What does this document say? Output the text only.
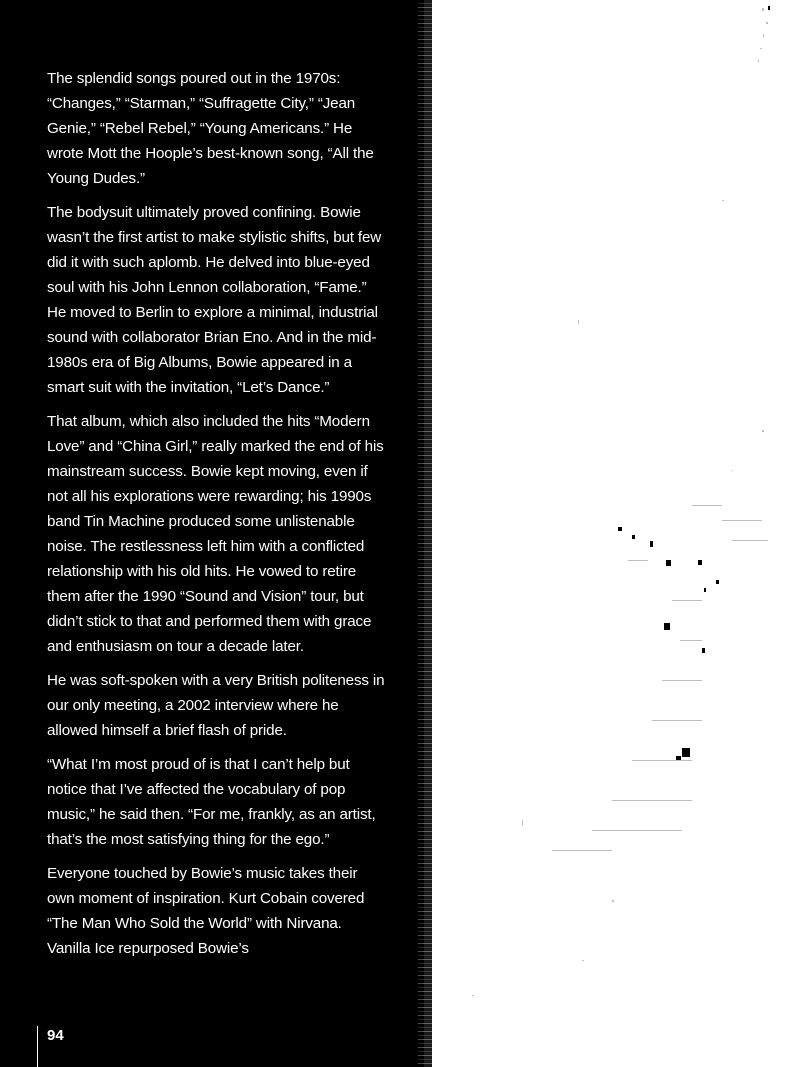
The splendid songs poured out in the 1970s: “Changes,” “Starman,” “Suffragette City,” “Jean Genie,” “Rebel Rebel,” “Young Americans.” He wrote Mott the Hoople’s best-known song, “All the Young Dudes.”

The bodysuit ultimately proved confining. Bowie wasn’t the first artist to make stylistic shifts, but few did it with such aplomb. He delved into blue-eyed soul with his John Lennon collaboration, “Fame.” He moved to Berlin to explore a minimal, industrial sound with collaborator Brian Eno. And in the mid-1980s era of Big Albums, Bowie appeared in a smart suit with the invitation, “Let’s Dance.”

That album, which also included the hits “Modern Love” and “China Girl,” really marked the end of his mainstream success. Bowie kept moving, even if not all his explorations were rewarding; his 1990s band Tin Machine produced some unlistenable noise. The restlessness left him with a conflicted relationship with his old hits. He vowed to retire them after the 1990 “Sound and Vision” tour, but didn’t stick to that and performed them with grace and enthusiasm on tour a decade later.

He was soft-spoken with a very British politeness in our only meeting, a 2002 interview where he allowed himself a brief flash of pride.

“What I’m most proud of is that I can’t help but notice that I’ve affected the vocabulary of pop music,” he said then. “For me, frankly, as an artist, that’s the most satisfying thing for the ego.”

Everyone touched by Bowie’s music takes their own moment of inspiration. Kurt Cobain covered “The Man Who Sold the World” with Nirvana. Vanilla Ice repurposed Bowie’s

94
